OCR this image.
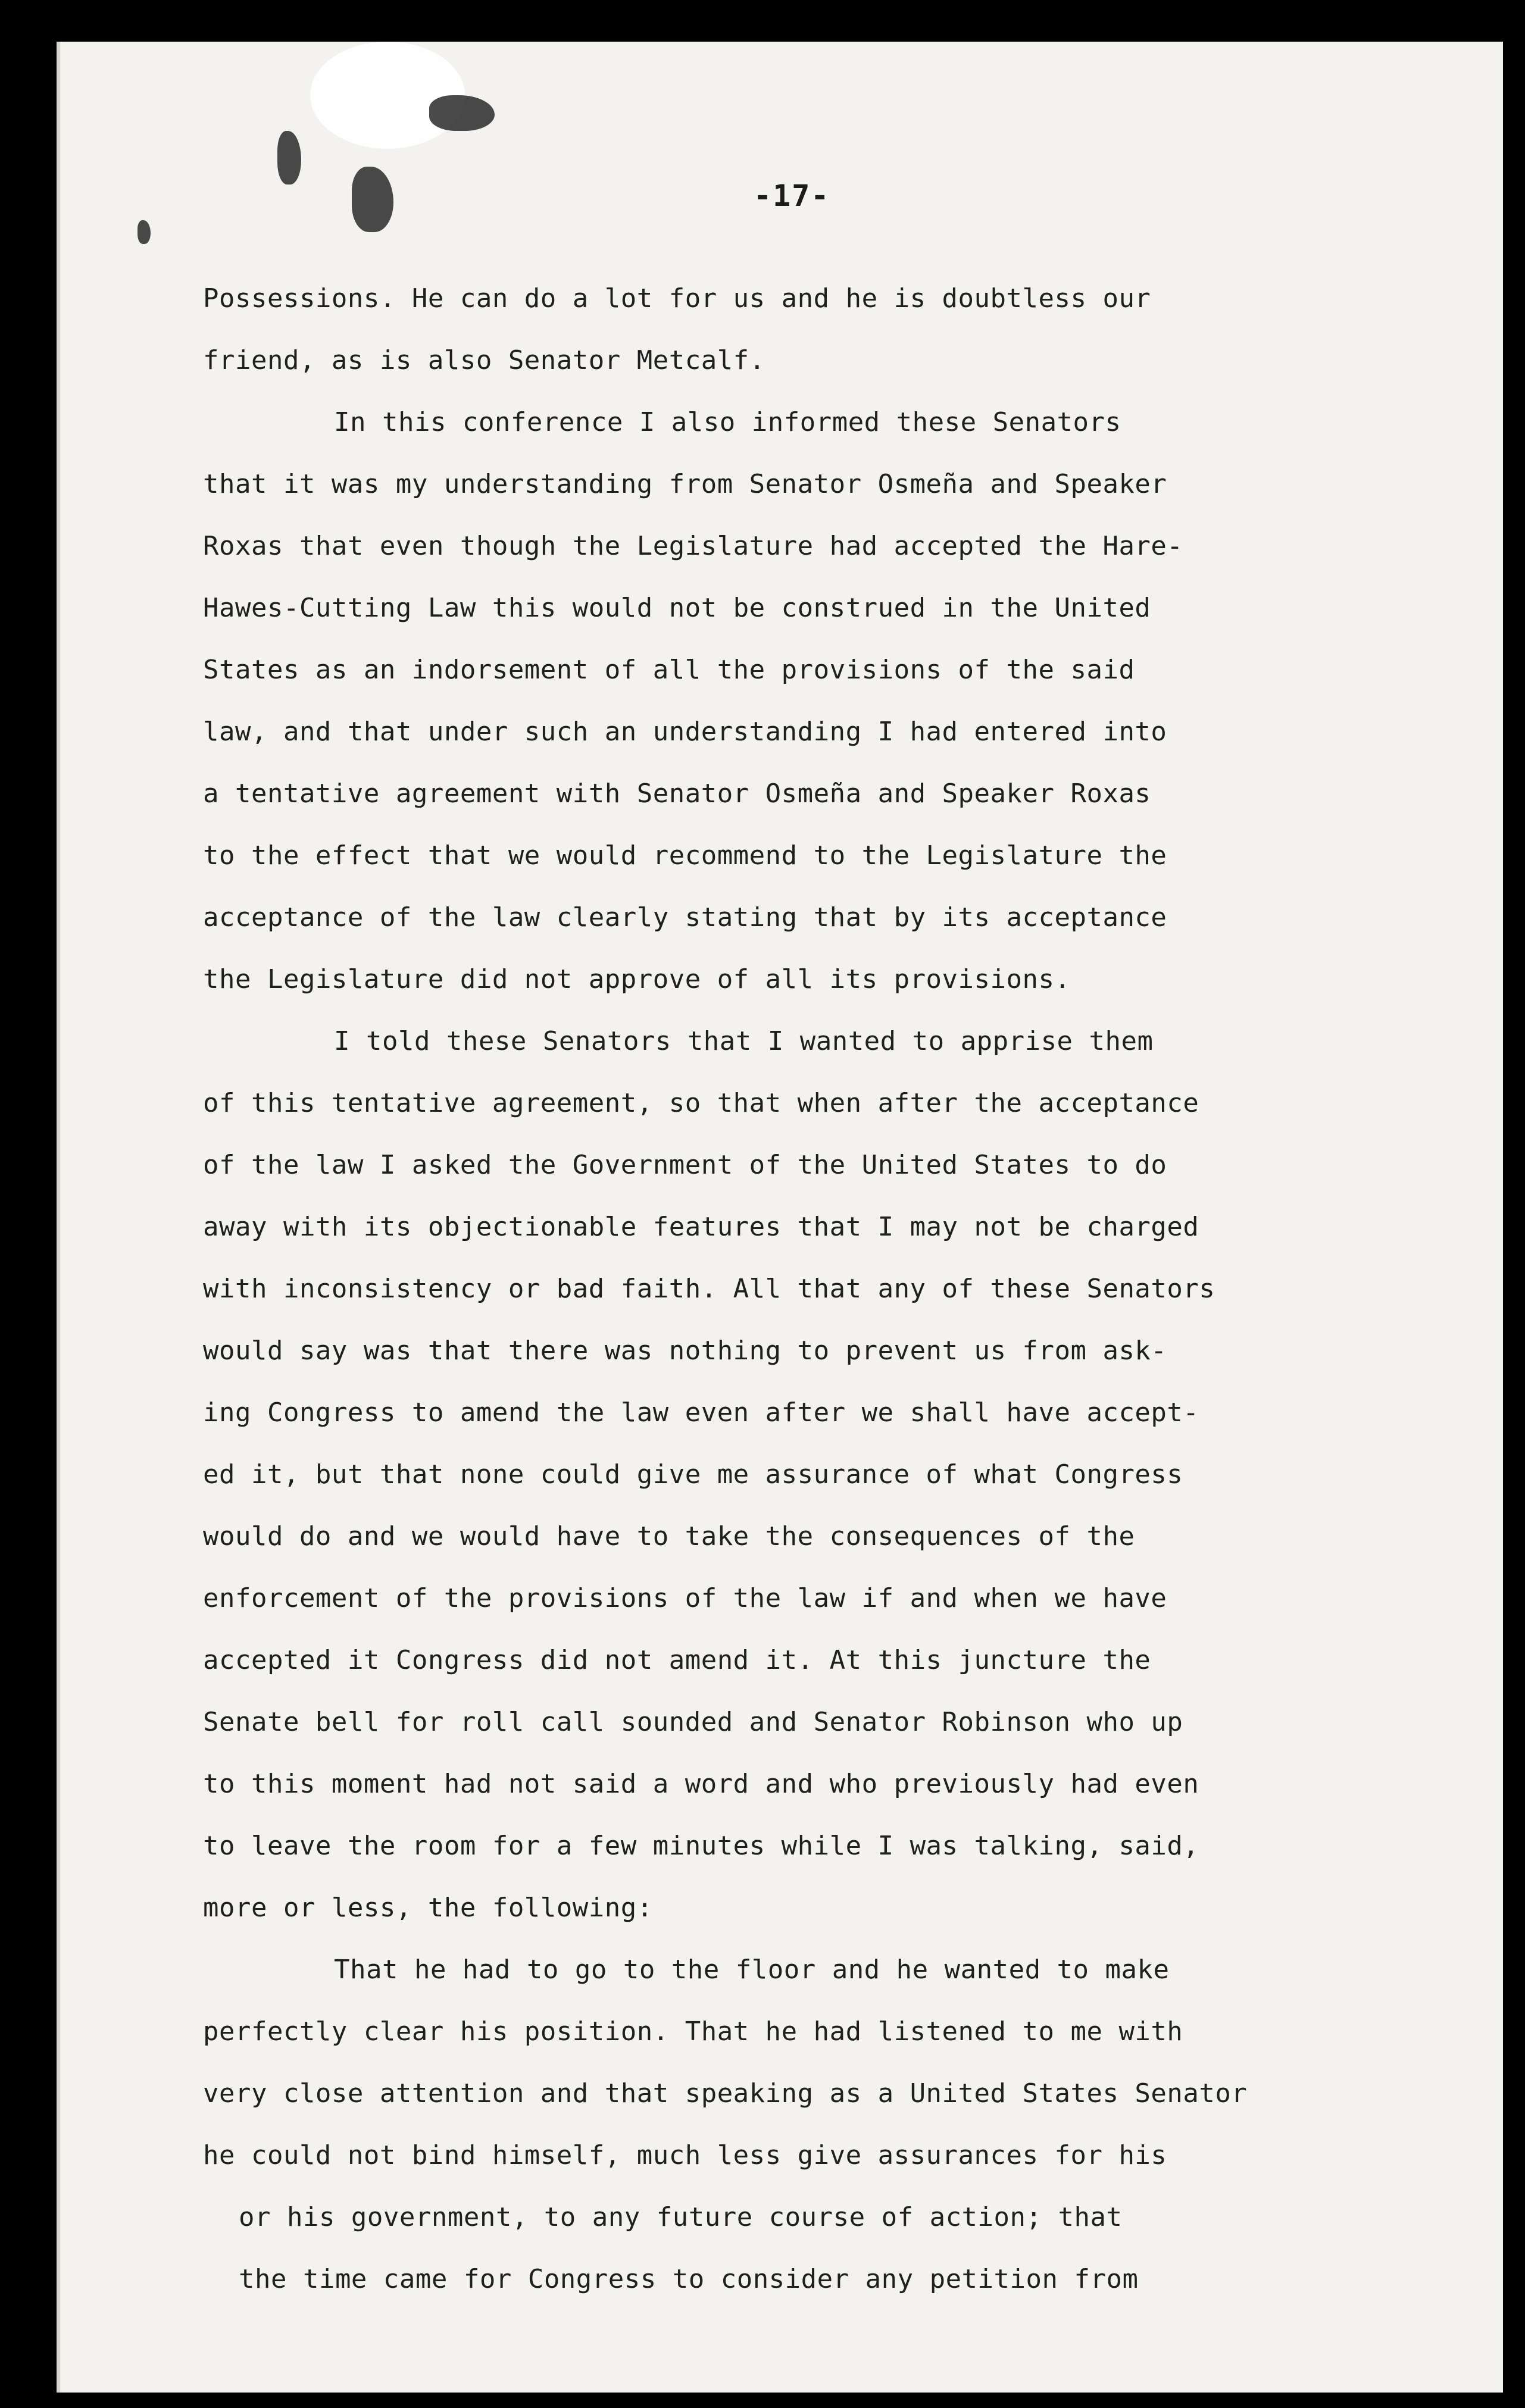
-17-
Possessions. He can do a lot for us and he is doubtless our
friend, as is also Senator Metcalf.
In this conference I also informed these Senators
that it was my understanding from Senator Osmeña and Speaker
Roxas that even though the Legislature had accepted the Hare-
Hawes-Cutting Law this would not be construed in the United
States as an indorsement of all the provisions of the said
law, and that under such an understanding I had entered into
a tentative agreement with Senator Osmeña and Speaker Roxas
to the effect that we would recommend to the Legislature the
acceptance of the law clearly stating that by its acceptance
the Legislature did not approve of all its provisions.
I told these Senators that I wanted to apprise them
of this tentative agreement, so that when after the acceptance
of the law I asked the Government of the United States to do
away with its objectionable features that I may not be charged
with inconsistency or bad faith. All that any of these Senators
would say was that there was nothing to prevent us from ask-
ing Congress to amend the law even after we shall have accept-
ed it, but that none could give me assurance of what Congress
would do and we would have to take the consequences of the
enforcement of the provisions of the law if and when we have
accepted it Congress did not amend it. At this juncture the
Senate bell for roll call sounded and Senator Robinson who up
to this moment had not said a word and who previously had even
to leave the room for a few minutes while I was talking, said,
more or less, the following:
That he had to go to the floor and he wanted to make
perfectly clear his position. That he had listened to me with
very close attention and that speaking as a United States Senator
he could not bind himself, much less give assurances for his
or his government, to any future course of action; that
the time came for Congress to consider any petition from
